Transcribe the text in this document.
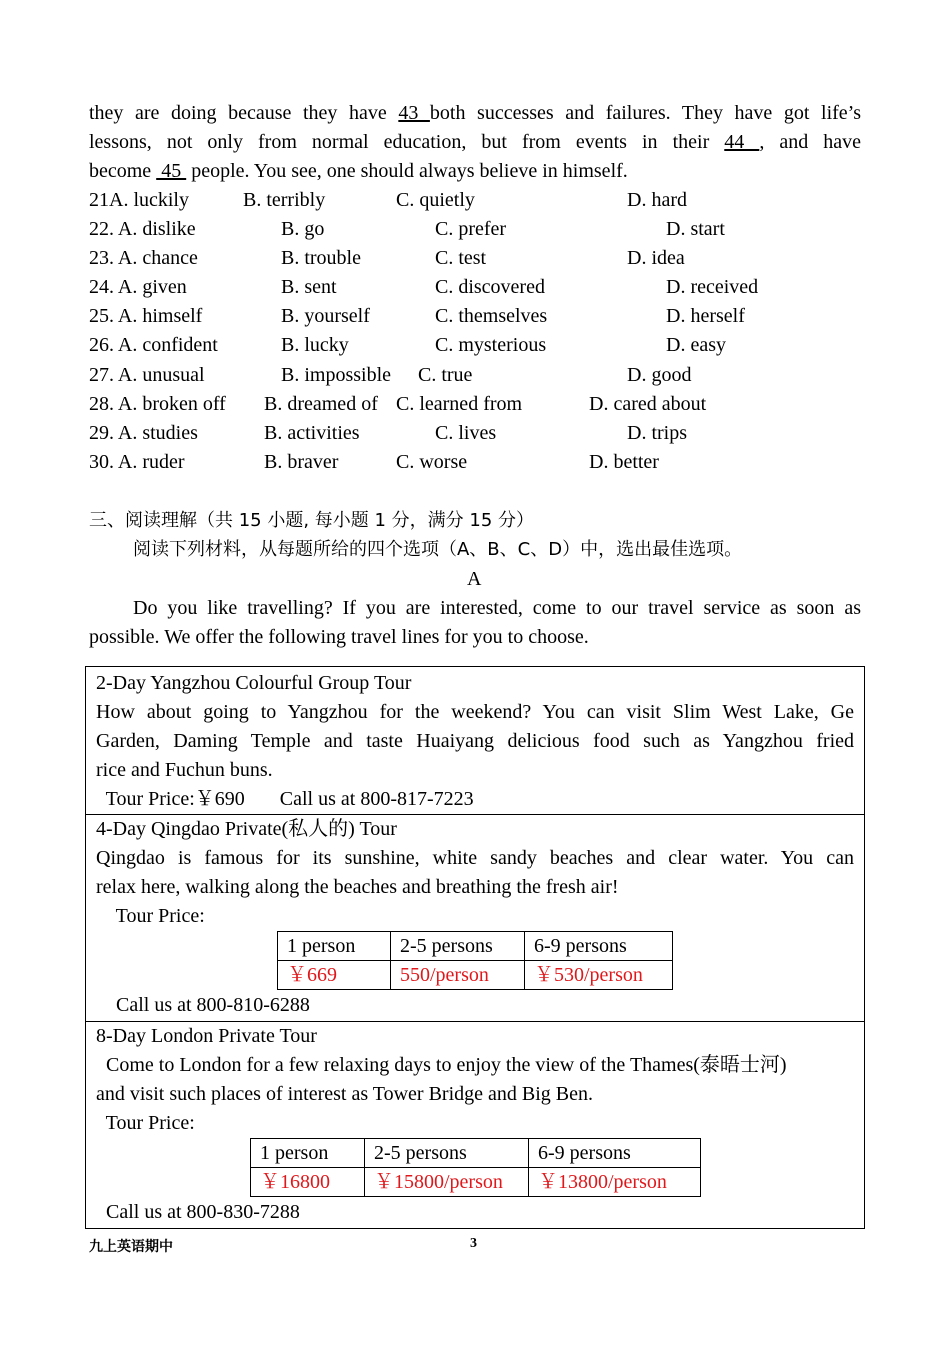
they are doing because they have 43 both successes and failures. They have got life’s
lessons, not only from normal education, but from events in their 44 , and have
become  45  people. You see, one should always believe in himself.
21A. luckily	B. terribly	C. quietly	D. hard
22. A. dislike	B. go	C. prefer	D. start
23. A. chance	B. trouble	C. test	D. idea
24. A. given	B. sent	C. discovered	D. received
25. A. himself	B. yourself	C. themselves	D. herself
26. A. confident	B. lucky	C. mysterious	D. easy
27. A. unusual	B. impossible C. true	D. good
28. A. broken off B. dreamed of C. learned from	D. cared about
29. A. studies	B. activities	C. lives	D. trips
30. A. ruder	B. braver	C. worse	D. better
三、阅读理解（共 15 小题, 每小题 1 分，满分 15 分）
阅读下列材料，从每题所给的四个选项（A、B、C、D）中，选出最佳选项。
A
Do you like travelling? If you are interested, come to our travel service as soon as
possible. We offer the following travel lines for you to choose.
2-Day Yangzhou Colourful Group Tour
How about going to Yangzhou for the weekend? You can visit Slim West Lake, Ge
Garden, Daming Temple and taste Huaiyang delicious food such as Yangzhou fried
rice and Fuchun buns.
Tour Price:￥690       Call us at 800-817-7223
4-Day Qingdao Private(私人的) Tour
Qingdao is famous for its sunshine, white sandy beaches and clear water. You can
relax here, walking along the beaches and breathing the fresh air!
Tour Price:
1 person	2-5 persons	6-9 persons
￥669	550/person	￥530/person
Call us at 800-810-6288
8-Day London Private Tour
Come to London for a few relaxing days to enjoy the view of the Thames(泰晤士河)
and visit such places of interest as Tower Bridge and Big Ben.
Tour Price:
1 person	2-5 persons	6-9 persons
￥16800	￥15800/person	￥13800/person
Call us at 800-830-7288
九上英语期中	3
